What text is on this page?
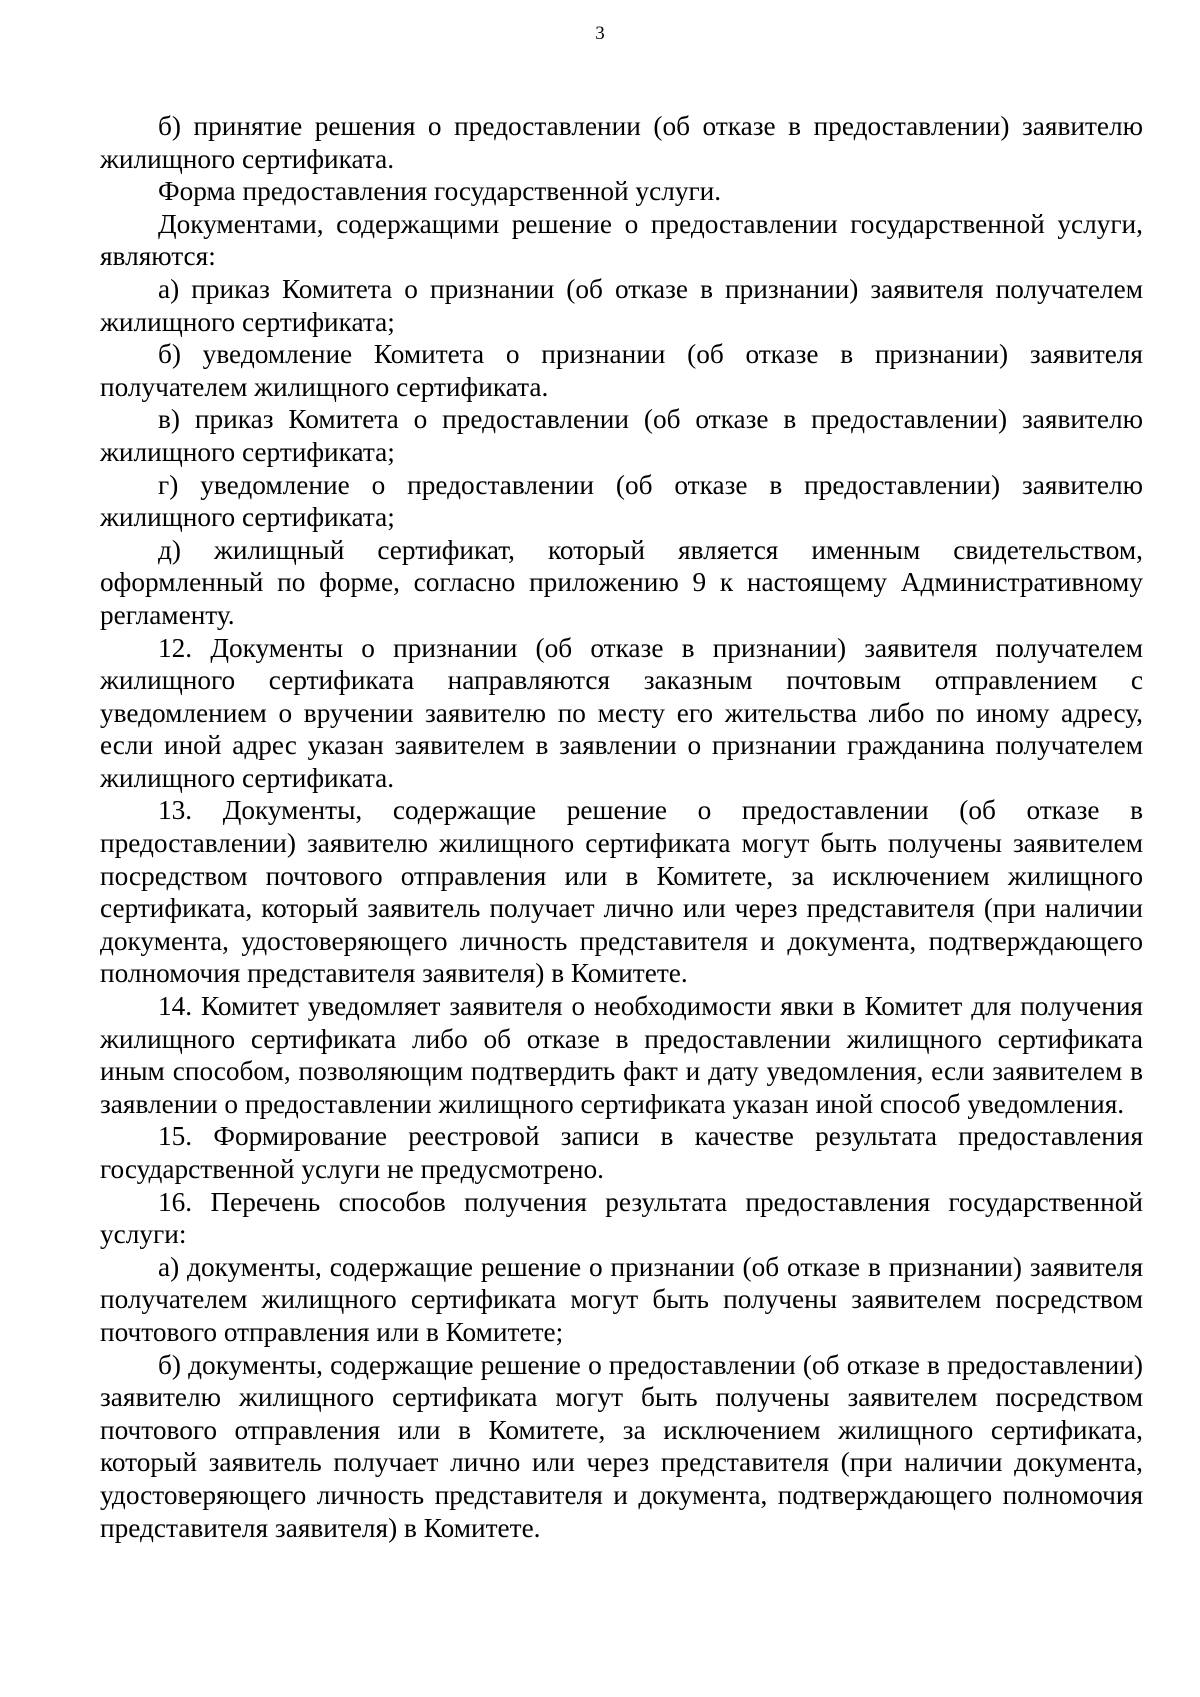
3

б) принятие решения о предоставлении (об отказе в предоставлении) заявителю жилищного сертификата.

Форма предоставления государственной услуги.

Документами, содержащими решение о предоставлении государственной услуги, являются:

а) приказ Комитета о признании (об отказе в признании) заявителя получателем жилищного сертификата;

б) уведомление Комитета о признании (об отказе в признании) заявителя получателем жилищного сертификата.

в) приказ Комитета о предоставлении (об отказе в предоставлении) заявителю жилищного сертификата;

г) уведомление о предоставлении (об отказе в предоставлении) заявителю жилищного сертификата;

д) жилищный сертификат, который является именным свидетельством, оформленный по форме, согласно приложению 9 к настоящему Административному регламенту.

12. Документы о признании (об отказе в признании) заявителя получателем жилищного сертификата направляются заказным почтовым отправлением с уведомлением о вручении заявителю по месту его жительства либо по иному адресу, если иной адрес указан заявителем в заявлении о признании гражданина получателем жилищного сертификата.

13. Документы, содержащие решение о предоставлении (об отказе в предоставлении) заявителю жилищного сертификата могут быть получены заявителем посредством почтового отправления или в Комитете, за исключением жилищного сертификата, который заявитель получает лично или через представителя (при наличии документа, удостоверяющего личность представителя и документа, подтверждающего полномочия представителя заявителя) в Комитете.

14. Комитет уведомляет заявителя о необходимости явки в Комитет для получения жилищного сертификата либо об отказе в предоставлении жилищного сертификата иным способом, позволяющим подтвердить факт и дату уведомления, если заявителем в заявлении о предоставлении жилищного сертификата указан иной способ уведомления.

15. Формирование реестровой записи в качестве результата предоставления государственной услуги не предусмотрено.

16. Перечень способов получения результата предоставления государственной услуги:

а) документы, содержащие решение о признании (об отказе в признании) заявителя получателем жилищного сертификата могут быть получены заявителем посредством почтового отправления или в Комитете;

б) документы, содержащие решение о предоставлении (об отказе в предоставлении) заявителю жилищного сертификата могут быть получены заявителем посредством почтового отправления или в Комитете, за исключением жилищного сертификата, который заявитель получает лично или через представителя (при наличии документа, удостоверяющего личность представителя и документа, подтверждающего полномочия представителя заявителя) в Комитете.
